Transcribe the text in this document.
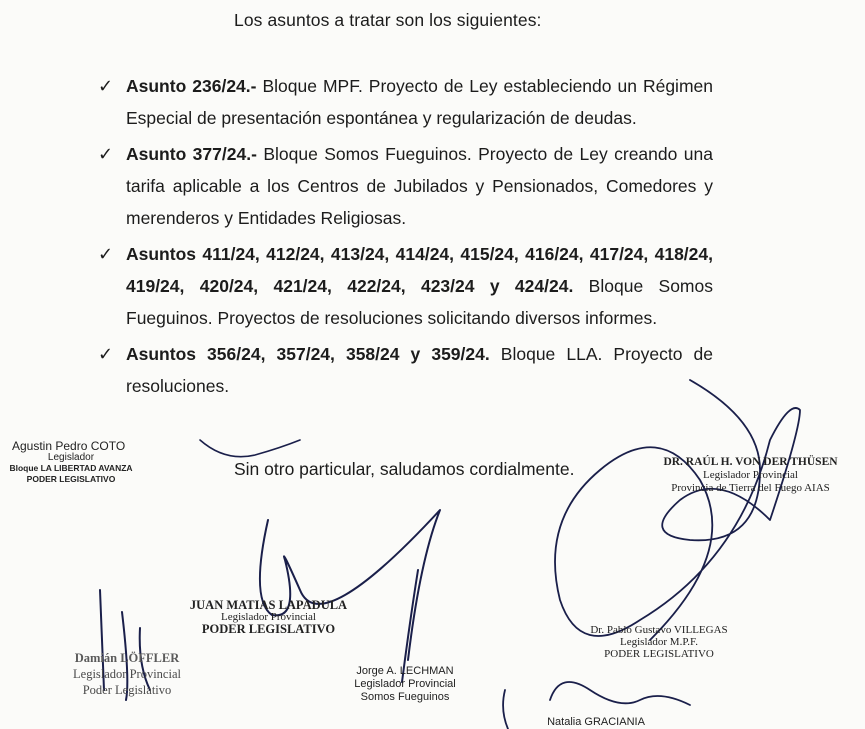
Los asuntos a tratar son los siguientes:
✓ Asunto 236/24.- Bloque MPF. Proyecto de Ley estableciendo un Régimen Especial de presentación espontánea y regularización de deudas.
✓ Asunto 377/24.- Bloque Somos Fueguinos. Proyecto de Ley creando una tarifa aplicable a los Centros de Jubilados y Pensionados, Comedores y merenderos y Entidades Religiosas.
✓ Asuntos 411/24, 412/24, 413/24, 414/24, 415/24, 416/24, 417/24, 418/24, 419/24, 420/24, 421/24, 422/24, 423/24 y 424/24. Bloque Somos Fueguinos. Proyectos de resoluciones solicitando diversos informes.
✓ Asuntos 356/24, 357/24, 358/24 y 359/24. Bloque LLA. Proyecto de resoluciones.
Sin otro particular, saludamos cordialmente.
Agustin Pedro COTO
Legislador
Bloque LA LIBERTAD AVANZA
PODER LEGISLATIVO
DR. RAÚL H. VON DER THÜSEN
Legislador Provincial
Provincia de Tierra del Fuego AIAS
JUAN MATIAS LAPADULA
Legislador Provincial
PODER LEGISLATIVO
Damián LÖFFLER
Legislador Provincial
Poder Legislativo
Jorge A. LECHMAN
Legislador Provincial
Somos Fueguinos
Dr. Pablo Gustavo VILLEGAS
Legislador M.P.F.
PODER LEGISLATIVO
Natalia GRACIANIA
